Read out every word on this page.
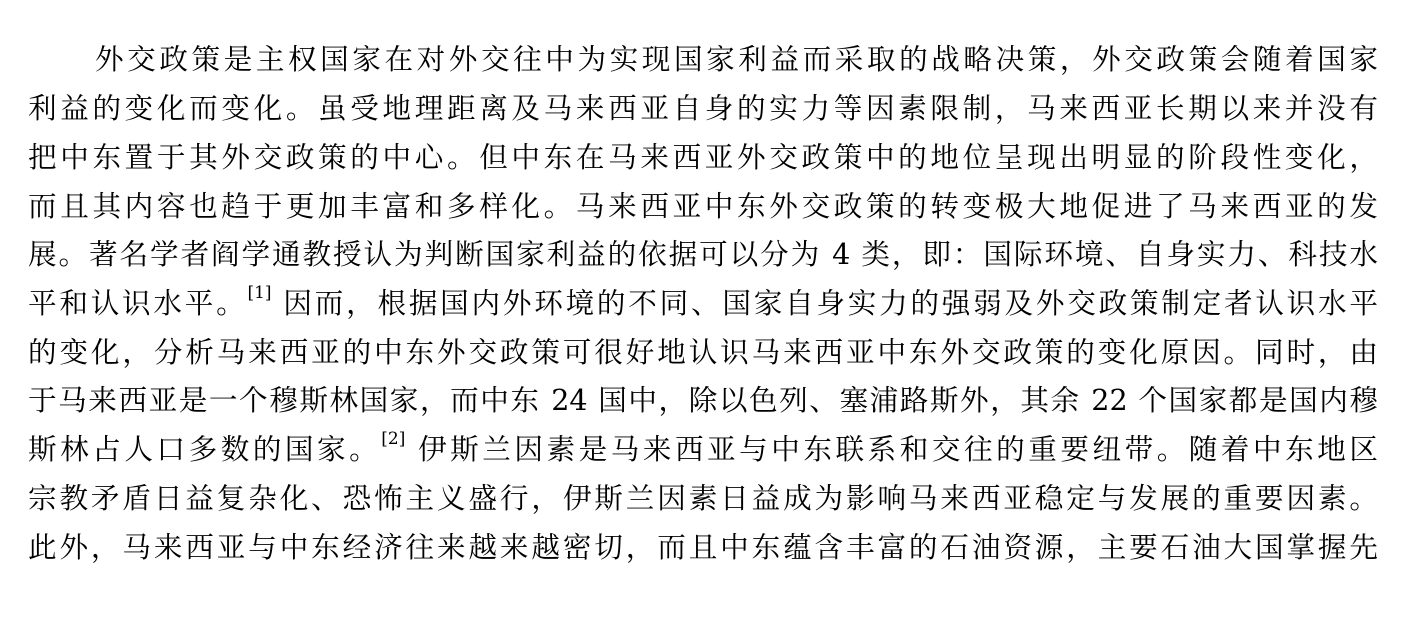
外交政策是主权国家在对外交往中为实现国家利益而采取的战略决策，外交政策会随着国家
利益的变化而变化。虽受地理距离及马来西亚自身的实力等因素限制，马来西亚长期以来并没有
把中东置于其外交政策的中心。但中东在马来西亚外交政策中的地位呈现出明显的阶段性变化，
而且其内容也趋于更加丰富和多样化。马来西亚中东外交政策的转变极大地促进了马来西亚的发
展。著名学者阎学通教授认为判断国家利益的依据可以分为 4 类，即：国际环境、自身实力、科技水
平和认识水平。[1] 因而，根据国内外环境的不同、国家自身实力的强弱及外交政策制定者认识水平
的变化，分析马来西亚的中东外交政策可很好地认识马来西亚中东外交政策的变化原因。同时，由
于马来西亚是一个穆斯林国家，而中东 24 国中，除以色列、塞浦路斯外，其余 22 个国家都是国内穆
斯林占人口多数的国家。[2] 伊斯兰因素是马来西亚与中东联系和交往的重要纽带。随着中东地区
宗教矛盾日益复杂化、恐怖主义盛行，伊斯兰因素日益成为影响马来西亚稳定与发展的重要因素。
此外，马来西亚与中东经济往来越来越密切，而且中东蕴含丰富的石油资源，主要石油大国掌握先
